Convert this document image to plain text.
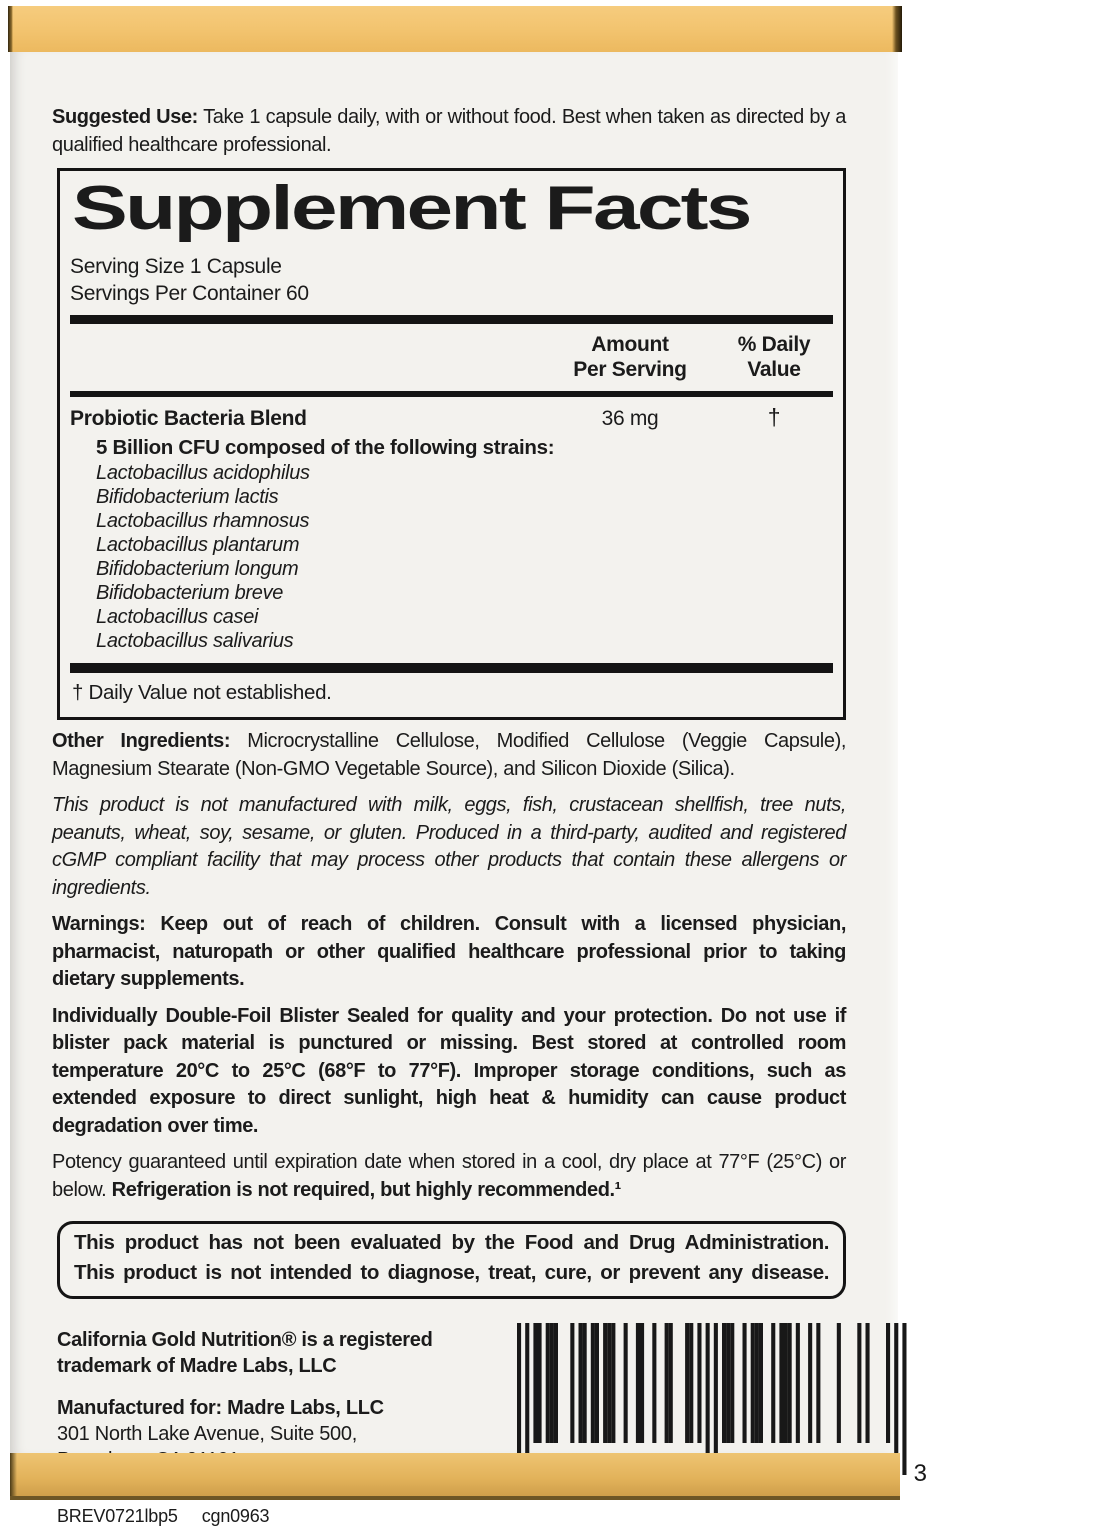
Suggested Use: Take 1 capsule daily, with or without food. Best when taken as directed by a qualified healthcare professional.

Supplement Facts
Serving Size 1 Capsule
Servings Per Container 60
Amount
Per Serving
% Daily
Value
Probiotic Bacteria Blend	36 mg	†
5 Billion CFU composed of the following strains:
Lactobacillus acidophilus
Bifidobacterium lactis
Lactobacillus rhamnosus
Lactobacillus plantarum
Bifidobacterium longum
Bifidobacterium breve
Lactobacillus casei
Lactobacillus salivarius
† Daily Value not established.

Other Ingredients: Microcrystalline Cellulose, Modified Cellulose (Veggie Capsule), Magnesium Stearate (Non-GMO Vegetable Source), and Silicon Dioxide (Silica).

This product is not manufactured with milk, eggs, fish, crustacean shellfish, tree nuts, peanuts, wheat, soy, sesame, or gluten. Produced in a third-party, audited and registered cGMP compliant facility that may process other products that contain these allergens or ingredients.

Warnings: Keep out of reach of children. Consult with a licensed physician, pharmacist, naturopath or other qualified healthcare professional prior to taking dietary supplements.

Individually Double-Foil Blister Sealed for quality and your protection. Do not use if blister pack material is punctured or missing. Best stored at controlled room temperature 20°C to 25°C (68°F to 77°F). Improper storage conditions, such as extended exposure to direct sunlight, high heat & humidity can cause product degradation over time.

Potency guaranteed until expiration date when stored in a cool, dry place at 77°F (25°C) or below. Refrigeration is not required, but highly recommended.¹

This product has not been evaluated by the Food and Drug Administration.
This product is not intended to diagnose, treat, cure, or prevent any disease.

California Gold Nutrition® is a registered
trademark of Madre Labs, LLC

Manufactured for: Madre Labs, LLC
301 North Lake Avenue, Suite 500,

BREV0721lbp5 cgn0963

3
